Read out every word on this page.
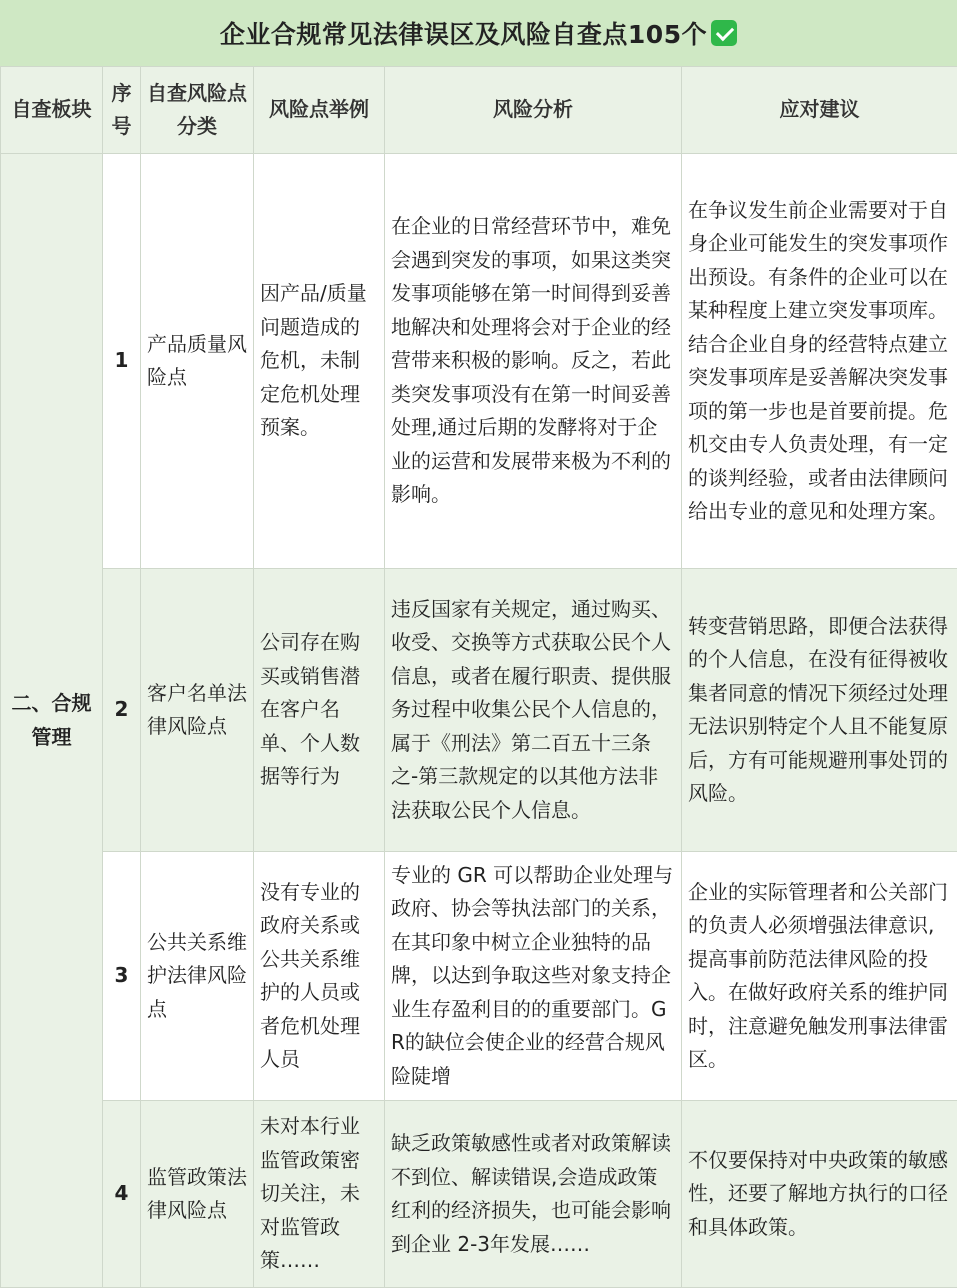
企业合规常见法律误区及风险自查点105个
自查板块	序号	自查风险点分类	风险点举例	风险分析	应对建议
二、合规管理	1	产品质量风险点	因产品/质量问题造成的危机，未制定危机处理预案。	在企业的日常经营环节中，难免会遇到突发的事项，如果这类突发事项能够在第一时间得到妥善地解决和处理将会对于企业的经营带来积极的影响。反之，若此类突发事项没有在第一时间妥善处理,通过后期的发酵将对于企业的运营和发展带来极为不利的影响。	在争议发生前企业需要对于自身企业可能发生的突发事项作出预设。有条件的企业可以在某种程度上建立突发事项库。结合企业自身的经营特点建立突发事项库是妥善解决突发事项的第一步也是首要前提。危机交由专人负责处理，有一定的谈判经验，或者由法律顾问给出专业的意见和处理方案。
	2	客户名单法律风险点	公司存在购买或销售潜在客户名单、个人数据等行为	违反国家有关规定，通过购买、收受、交换等方式获取公民个人信息，或者在履行职责、提供服务过程中收集公民个人信息的，属于《刑法》第二百五十三条之-第三款规定的以其他方法非法获取公民个人信息。	转变营销思路，即便合法获得的个人信息，在没有征得被收集者同意的情况下须经过处理无法识别特定个人且不能复原后，方有可能规避刑事处罚的风险。
	3	公共关系维护法律风险点	没有专业的政府关系或公共关系维护的人员或者危机处理人员	专业的 GR 可以帮助企业处理与政府、协会等执法部门的关系，在其印象中树立企业独特的品牌，以达到争取这些对象支持企业生存盈利目的的重要部门。GR的缺位会使企业的经营合规风险陡增	企业的实际管理者和公关部门的负责人必须增强法律意识,提高事前防范法律风险的投入。在做好政府关系的维护同时，注意避免触发刑事法律雷区。
	4	监管政策法律风险点	未对本行业监管政策密切关注，未对监管政策……	缺乏政策敏感性或者对政策解读不到位、解读错误,会造成政策红利的经济损失，也可能会影响到企业 2-3年发展……	不仅要保持对中央政策的敏感性，还要了解地方执行的口径和具体政策。
